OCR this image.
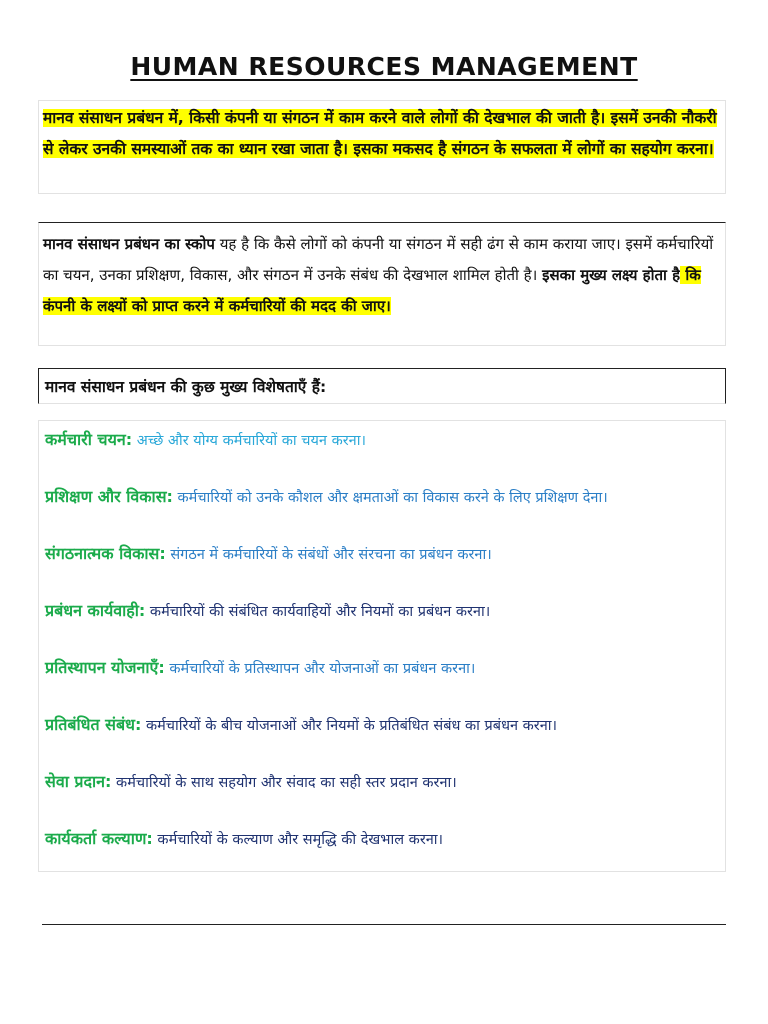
HUMAN RESOURCES MANAGEMENT
मानव संसाधन प्रबंधन में, किसी कंपनी या संगठन में काम करने वाले लोगों की देखभाल की जाती है। इसमें उनकी नौकरी से लेकर उनकी समस्याओं तक का ध्यान रखा जाता है। इसका मकसद है संगठन के सफलता में लोगों का सहयोग करना।
मानव संसाधन प्रबंधन का स्कोप यह है कि कैसे लोगों को कंपनी या संगठन में सही ढंग से काम कराया जाए। इसमें कर्मचारियों का चयन, उनका प्रशिक्षण, विकास, और संगठन में उनके संबंध की देखभाल शामिल होती है। इसका मुख्य लक्ष्य होता है कि कंपनी के लक्ष्यों को प्राप्त करने में कर्मचारियों की मदद की जाए।
मानव संसाधन प्रबंधन की कुछ मुख्य विशेषताएँ हैं:
कर्मचारी चयन: अच्छे और योग्य कर्मचारियों का चयन करना।
प्रशिक्षण और विकास: कर्मचारियों को उनके कौशल और क्षमताओं का विकास करने के लिए प्रशिक्षण देना।
संगठनात्मक विकास: संगठन में कर्मचारियों के संबंधों और संरचना का प्रबंधन करना।
प्रबंधन कार्यवाही: कर्मचारियों की संबंधित कार्यवाहियों और नियमों का प्रबंधन करना।
प्रतिस्थापन योजनाएँ: कर्मचारियों के प्रतिस्थापन और योजनाओं का प्रबंधन करना।
प्रतिबंधित संबंध: कर्मचारियों के बीच योजनाओं और नियमों के प्रतिबंधित संबंध का प्रबंधन करना।
सेवा प्रदान: कर्मचारियों के साथ सहयोग और संवाद का सही स्तर प्रदान करना।
कार्यकर्ता कल्याण: कर्मचारियों के कल्याण और समृद्धि की देखभाल करना।
